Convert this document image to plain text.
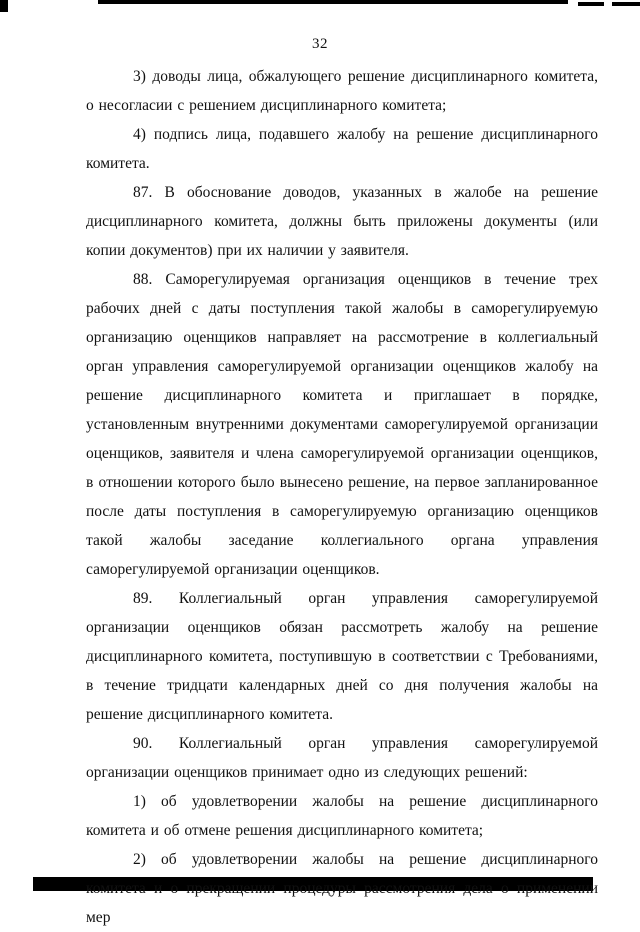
32

3) доводы лица, обжалующего решение дисциплинарного комитета, о несогласии с решением дисциплинарного комитета;

4) подпись лица, подавшего жалобу на решение дисциплинарного комитета.

87. В обоснование доводов, указанных в жалобе на решение дисциплинарного комитета, должны быть приложены документы (или копии документов) при их наличии у заявителя.

88. Саморегулируемая организация оценщиков в течение трех рабочих дней с даты поступления такой жалобы в саморегулируемую организацию оценщиков направляет на рассмотрение в коллегиальный орган управления саморегулируемой организации оценщиков жалобу на решение дисциплинарного комитета и приглашает в порядке, установленным внутренними документами саморегулируемой организации оценщиков, заявителя и члена саморегулируемой организации оценщиков, в отношении которого было вынесено решение, на первое запланированное после даты поступления в саморегулируемую организацию оценщиков такой жалобы заседание коллегиального органа управления саморегулируемой организации оценщиков.

89. Коллегиальный орган управления саморегулируемой организации оценщиков обязан рассмотреть жалобу на решение дисциплинарного комитета, поступившую в соответствии с Требованиями, в течение тридцати календарных дней со дня получения жалобы на решение дисциплинарного комитета.

90. Коллегиальный орган управления саморегулируемой организации оценщиков принимает одно из следующих решений:

1) об удовлетворении жалобы на решение дисциплинарного комитета и об отмене решения дисциплинарного комитета;

2) об удовлетворении жалобы на решение дисциплинарного комитета и о прекращении процедуры рассмотрения дела о применении мер
